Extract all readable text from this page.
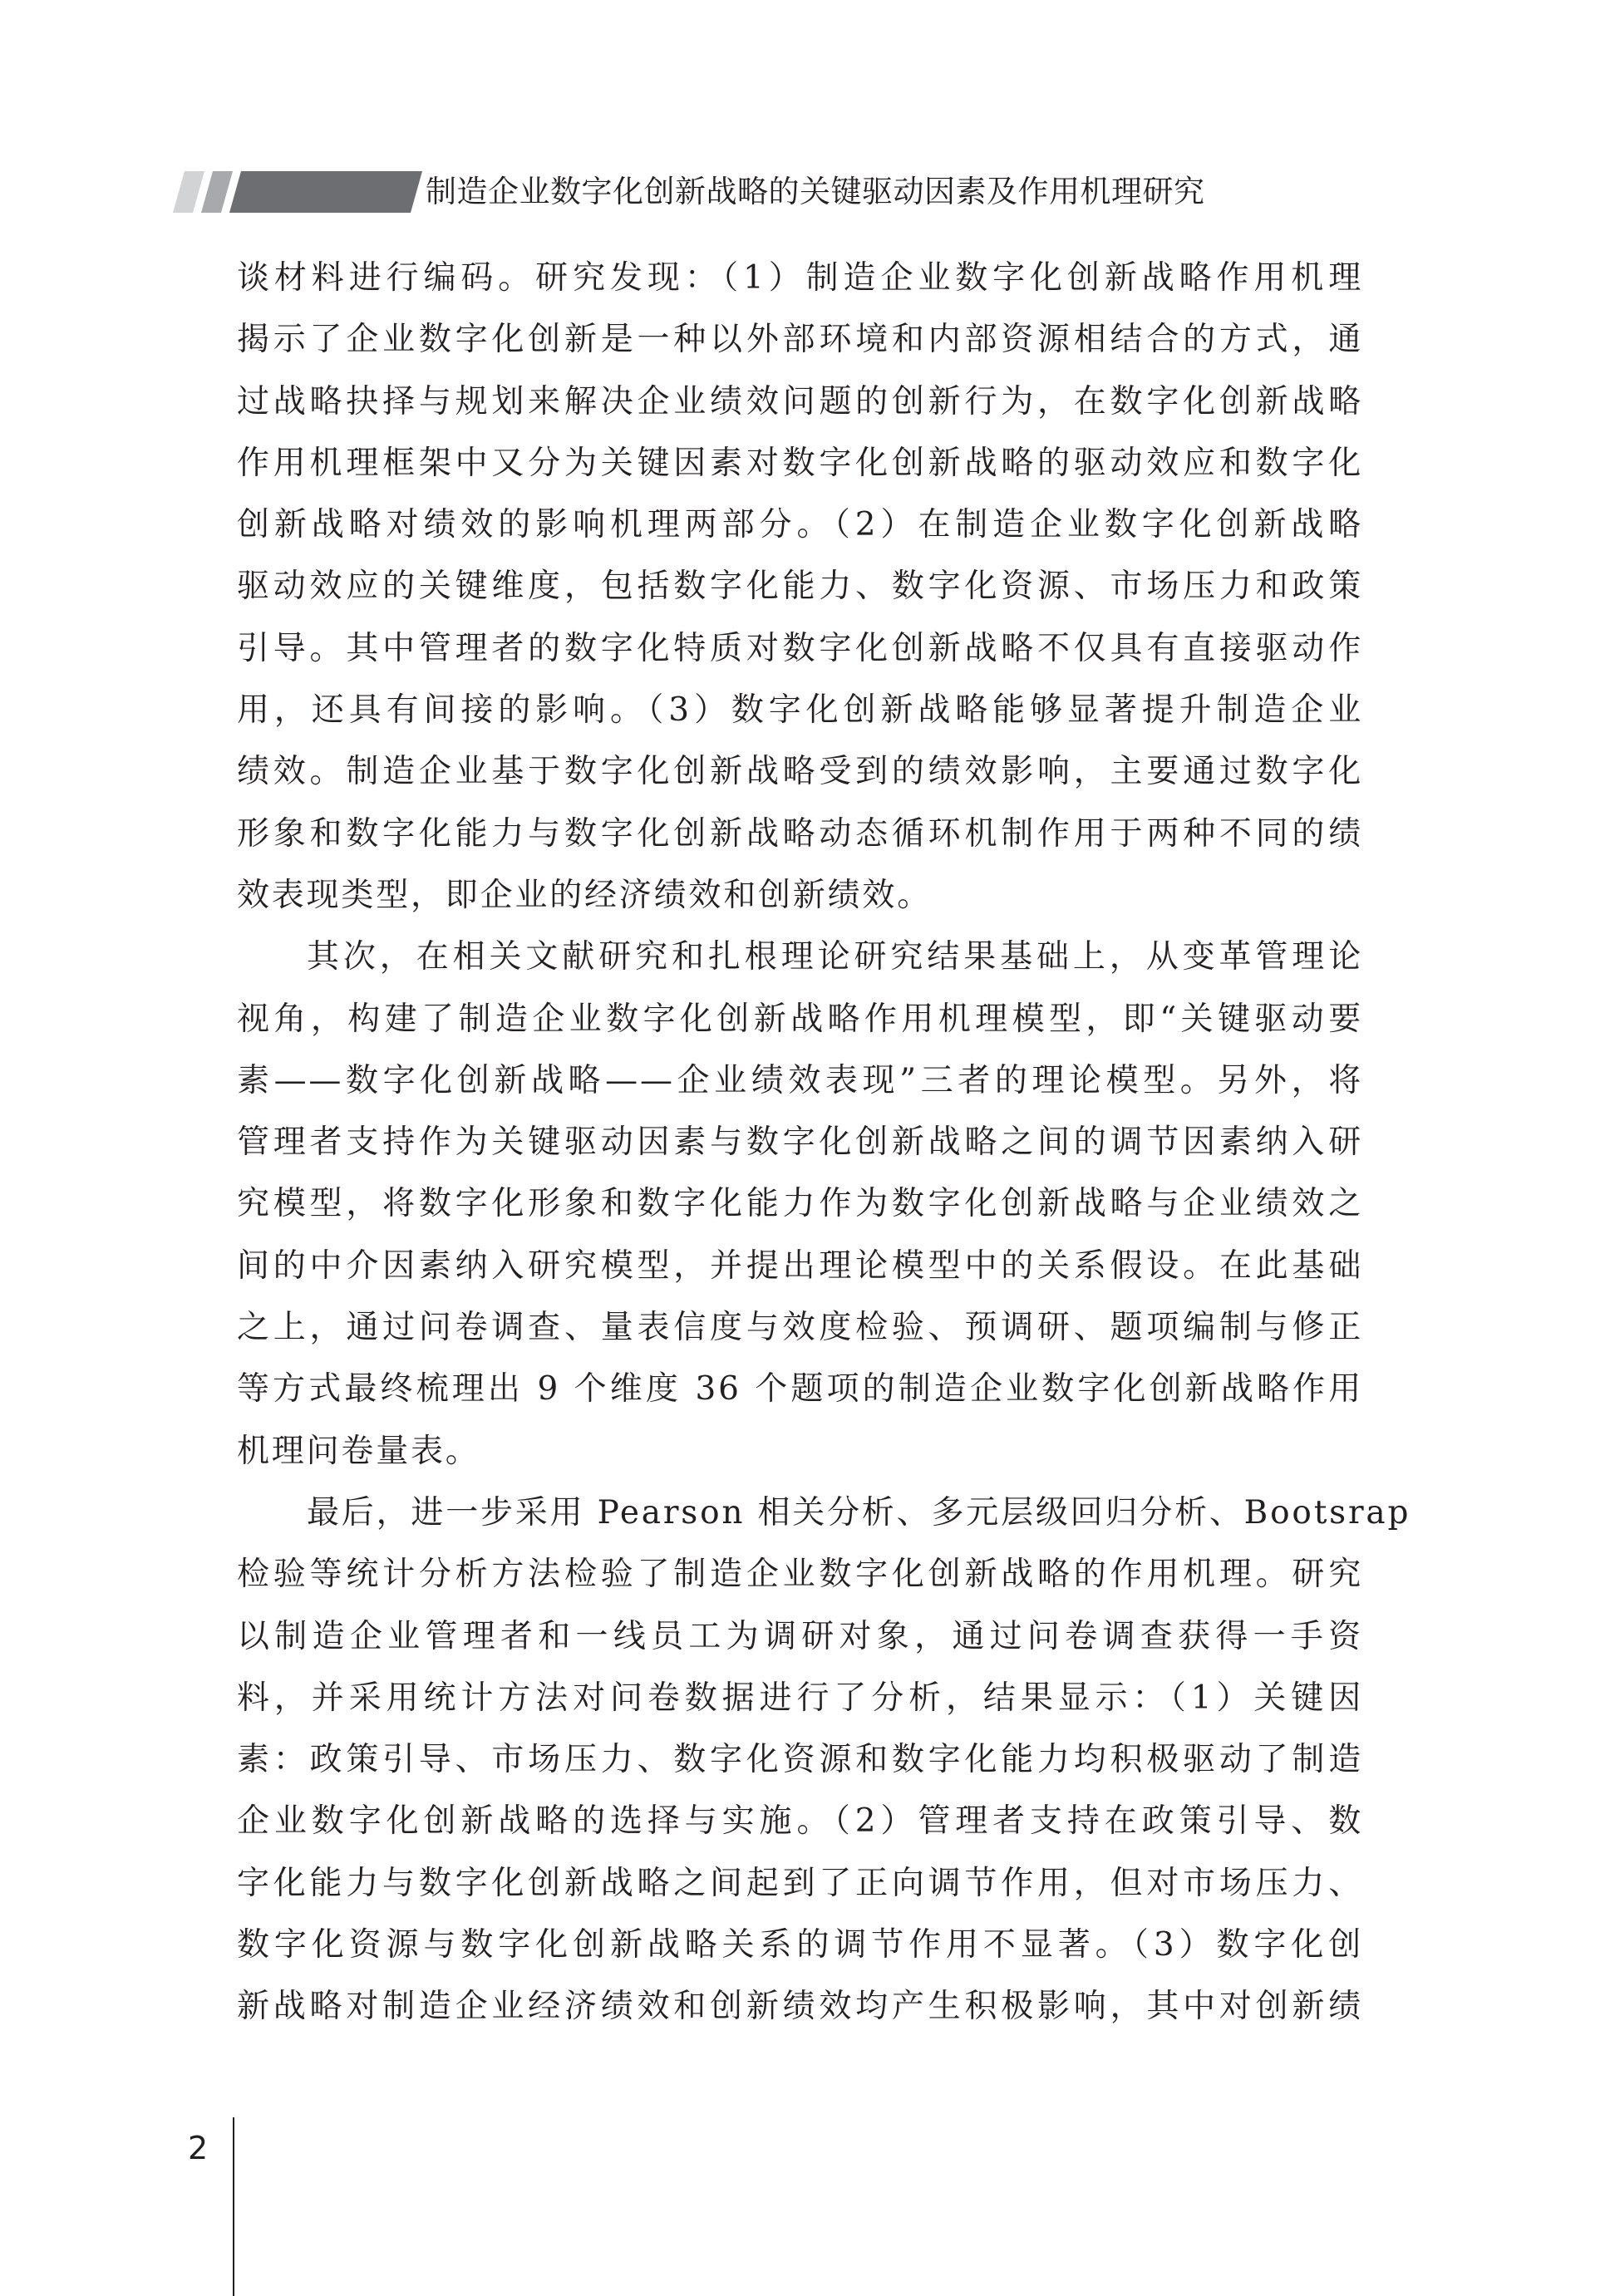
制造企业数字化创新战略的关键驱动因素及作用机理研究

谈材料进行编码。研究发现：（1）制造企业数字化创新战略作用机理
揭示了企业数字化创新是一种以外部环境和内部资源相结合的方式，通
过战略抉择与规划来解决企业绩效问题的创新行为，在数字化创新战略
作用机理框架中又分为关键因素对数字化创新战略的驱动效应和数字化
创新战略对绩效的影响机理两部分。（2）在制造企业数字化创新战略
驱动效应的关键维度，包括数字化能力、数字化资源、市场压力和政策
引导。其中管理者的数字化特质对数字化创新战略不仅具有直接驱动作
用，还具有间接的影响。（3）数字化创新战略能够显著提升制造企业
绩效。制造企业基于数字化创新战略受到的绩效影响，主要通过数字化
形象和数字化能力与数字化创新战略动态循环机制作用于两种不同的绩
效表现类型，即企业的经济绩效和创新绩效。

其次，在相关文献研究和扎根理论研究结果基础上，从变革管理论
视角，构建了制造企业数字化创新战略作用机理模型，即“关键驱动要
素——数字化创新战略——企业绩效表现”三者的理论模型。另外，将
管理者支持作为关键驱动因素与数字化创新战略之间的调节因素纳入研
究模型，将数字化形象和数字化能力作为数字化创新战略与企业绩效之
间的中介因素纳入研究模型，并提出理论模型中的关系假设。在此基础
之上，通过问卷调查、量表信度与效度检验、预调研、题项编制与修正
等方式最终梳理出 9 个维度 36 个题项的制造企业数字化创新战略作用
机理问卷量表。

最后，进一步采用 Pearson 相关分析、多元层级回归分析、Bootsrap
检验等统计分析方法检验了制造企业数字化创新战略的作用机理。研究
以制造企业管理者和一线员工为调研对象，通过问卷调查获得一手资
料，并采用统计方法对问卷数据进行了分析，结果显示：（1）关键因
素：政策引导、市场压力、数字化资源和数字化能力均积极驱动了制造
企业数字化创新战略的选择与实施。（2）管理者支持在政策引导、数
字化能力与数字化创新战略之间起到了正向调节作用，但对市场压力、
数字化资源与数字化创新战略关系的调节作用不显著。（3）数字化创
新战略对制造企业经济绩效和创新绩效均产生积极影响，其中对创新绩

2
